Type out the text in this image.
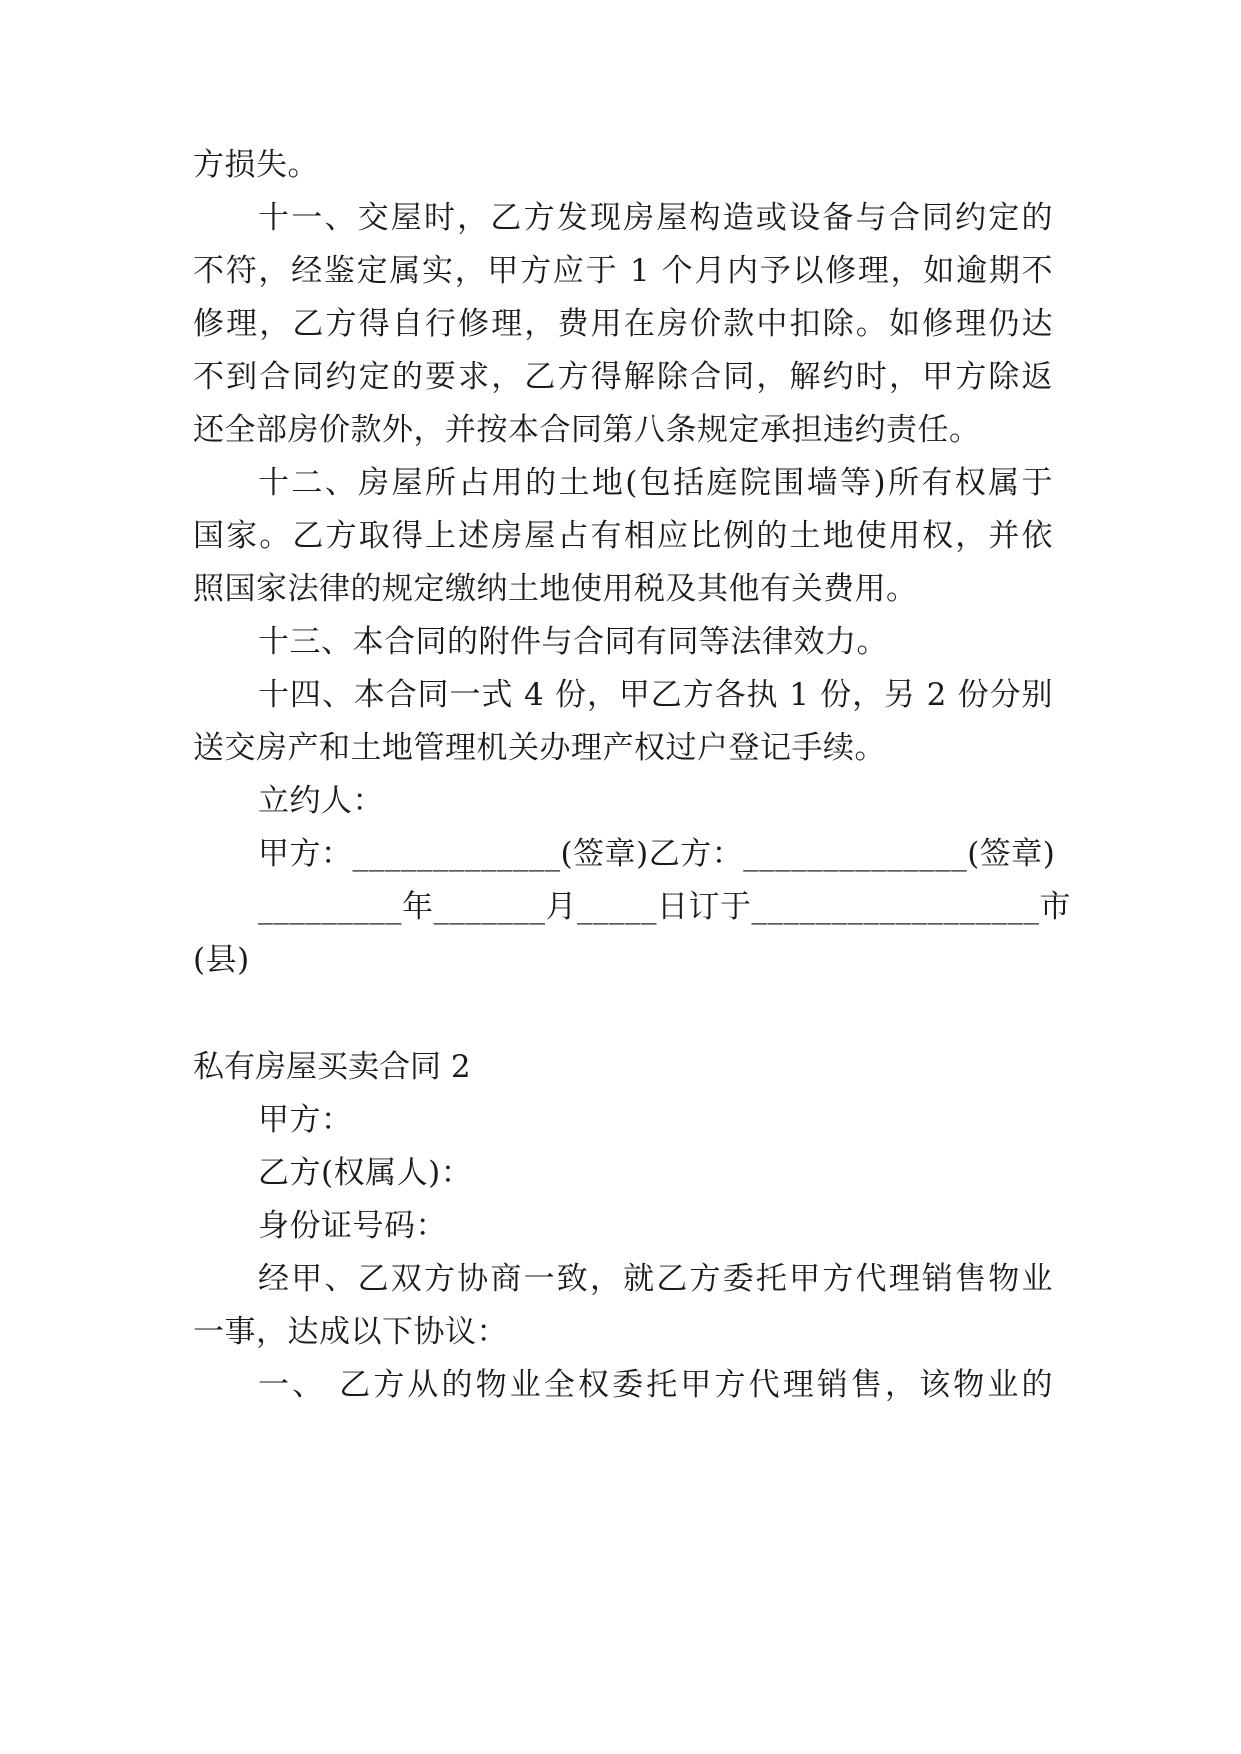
方损失。
十一、交屋时，乙方发现房屋构造或设备与合同约定的
不符，经鉴定属实，甲方应于 1 个月内予以修理，如逾期不
修理，乙方得自行修理，费用在房价款中扣除。如修理仍达
不到合同约定的要求，乙方得解除合同，解约时，甲方除返
还全部房价款外，并按本合同第八条规定承担违约责任。
十二、房屋所占用的土地(包括庭院围墙等)所有权属于
国家。乙方取得上述房屋占有相应比例的土地使用权，并依
照国家法律的规定缴纳土地使用税及其他有关费用。
十三、本合同的附件与合同有同等法律效力。
十四、本合同一式 4 份，甲乙方各执 1 份，另 2 份分别
送交房产和土地管理机关办理产权过户登记手续。
立约人：
甲方：_____________(签章)乙方：______________(签章)
_________年_______月_____日订于__________________市
(县)
私有房屋买卖合同 2
甲方：
乙方(权属人)：
身份证号码：
经甲、乙双方协商一致，就乙方委托甲方代理销售物业
一事，达成以下协议：
一、 乙方从的物业全权委托甲方代理销售，该物业的
